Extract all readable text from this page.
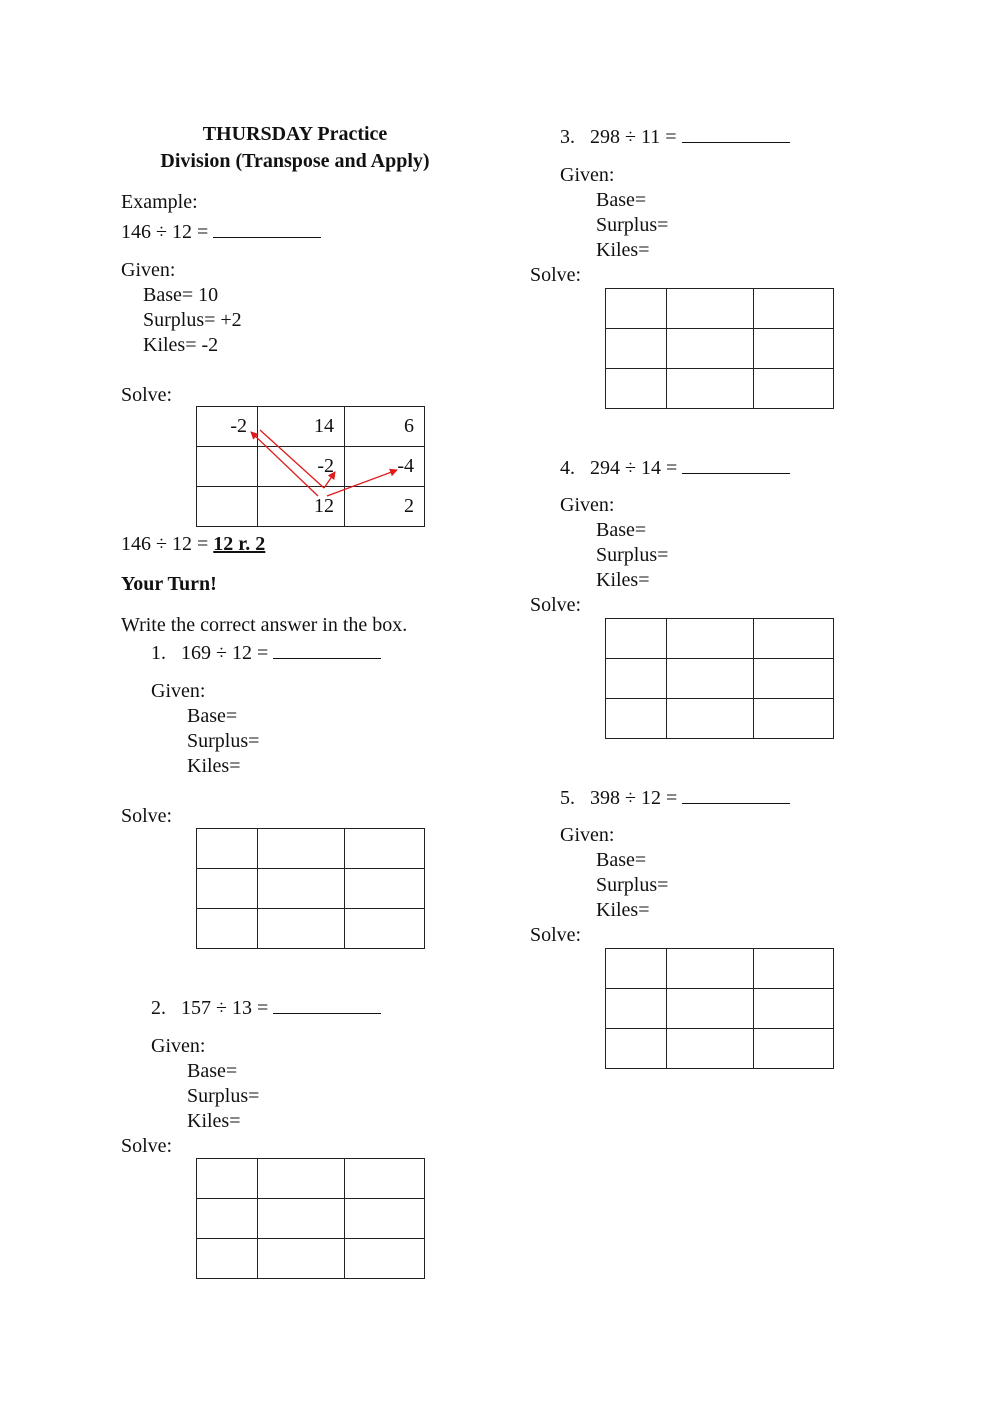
THURSDAY Practice
Division (Transpose and Apply)
Example:
146 ÷ 12 =
Given:
Base= 10
Surplus= +2
Kiles= -2
Solve:
-2	14	6
	-2	-4
	12	2
146 ÷ 12 = 12 r. 2
Your Turn!
Write the correct answer in the box.
1. 169 ÷ 12 =
Given:
Base=
Surplus=
Kiles=
Solve:

2. 157 ÷ 13 =
Given:
Base=
Surplus=
Kiles=
Solve:

3. 298 ÷ 11 =
Given:
Base=
Surplus=
Kiles=
Solve:

4. 294 ÷ 14 =
Given:
Base=
Surplus=
Kiles=
Solve:

5. 398 ÷ 12 =
Given:
Base=
Surplus=
Kiles=
Solve:
